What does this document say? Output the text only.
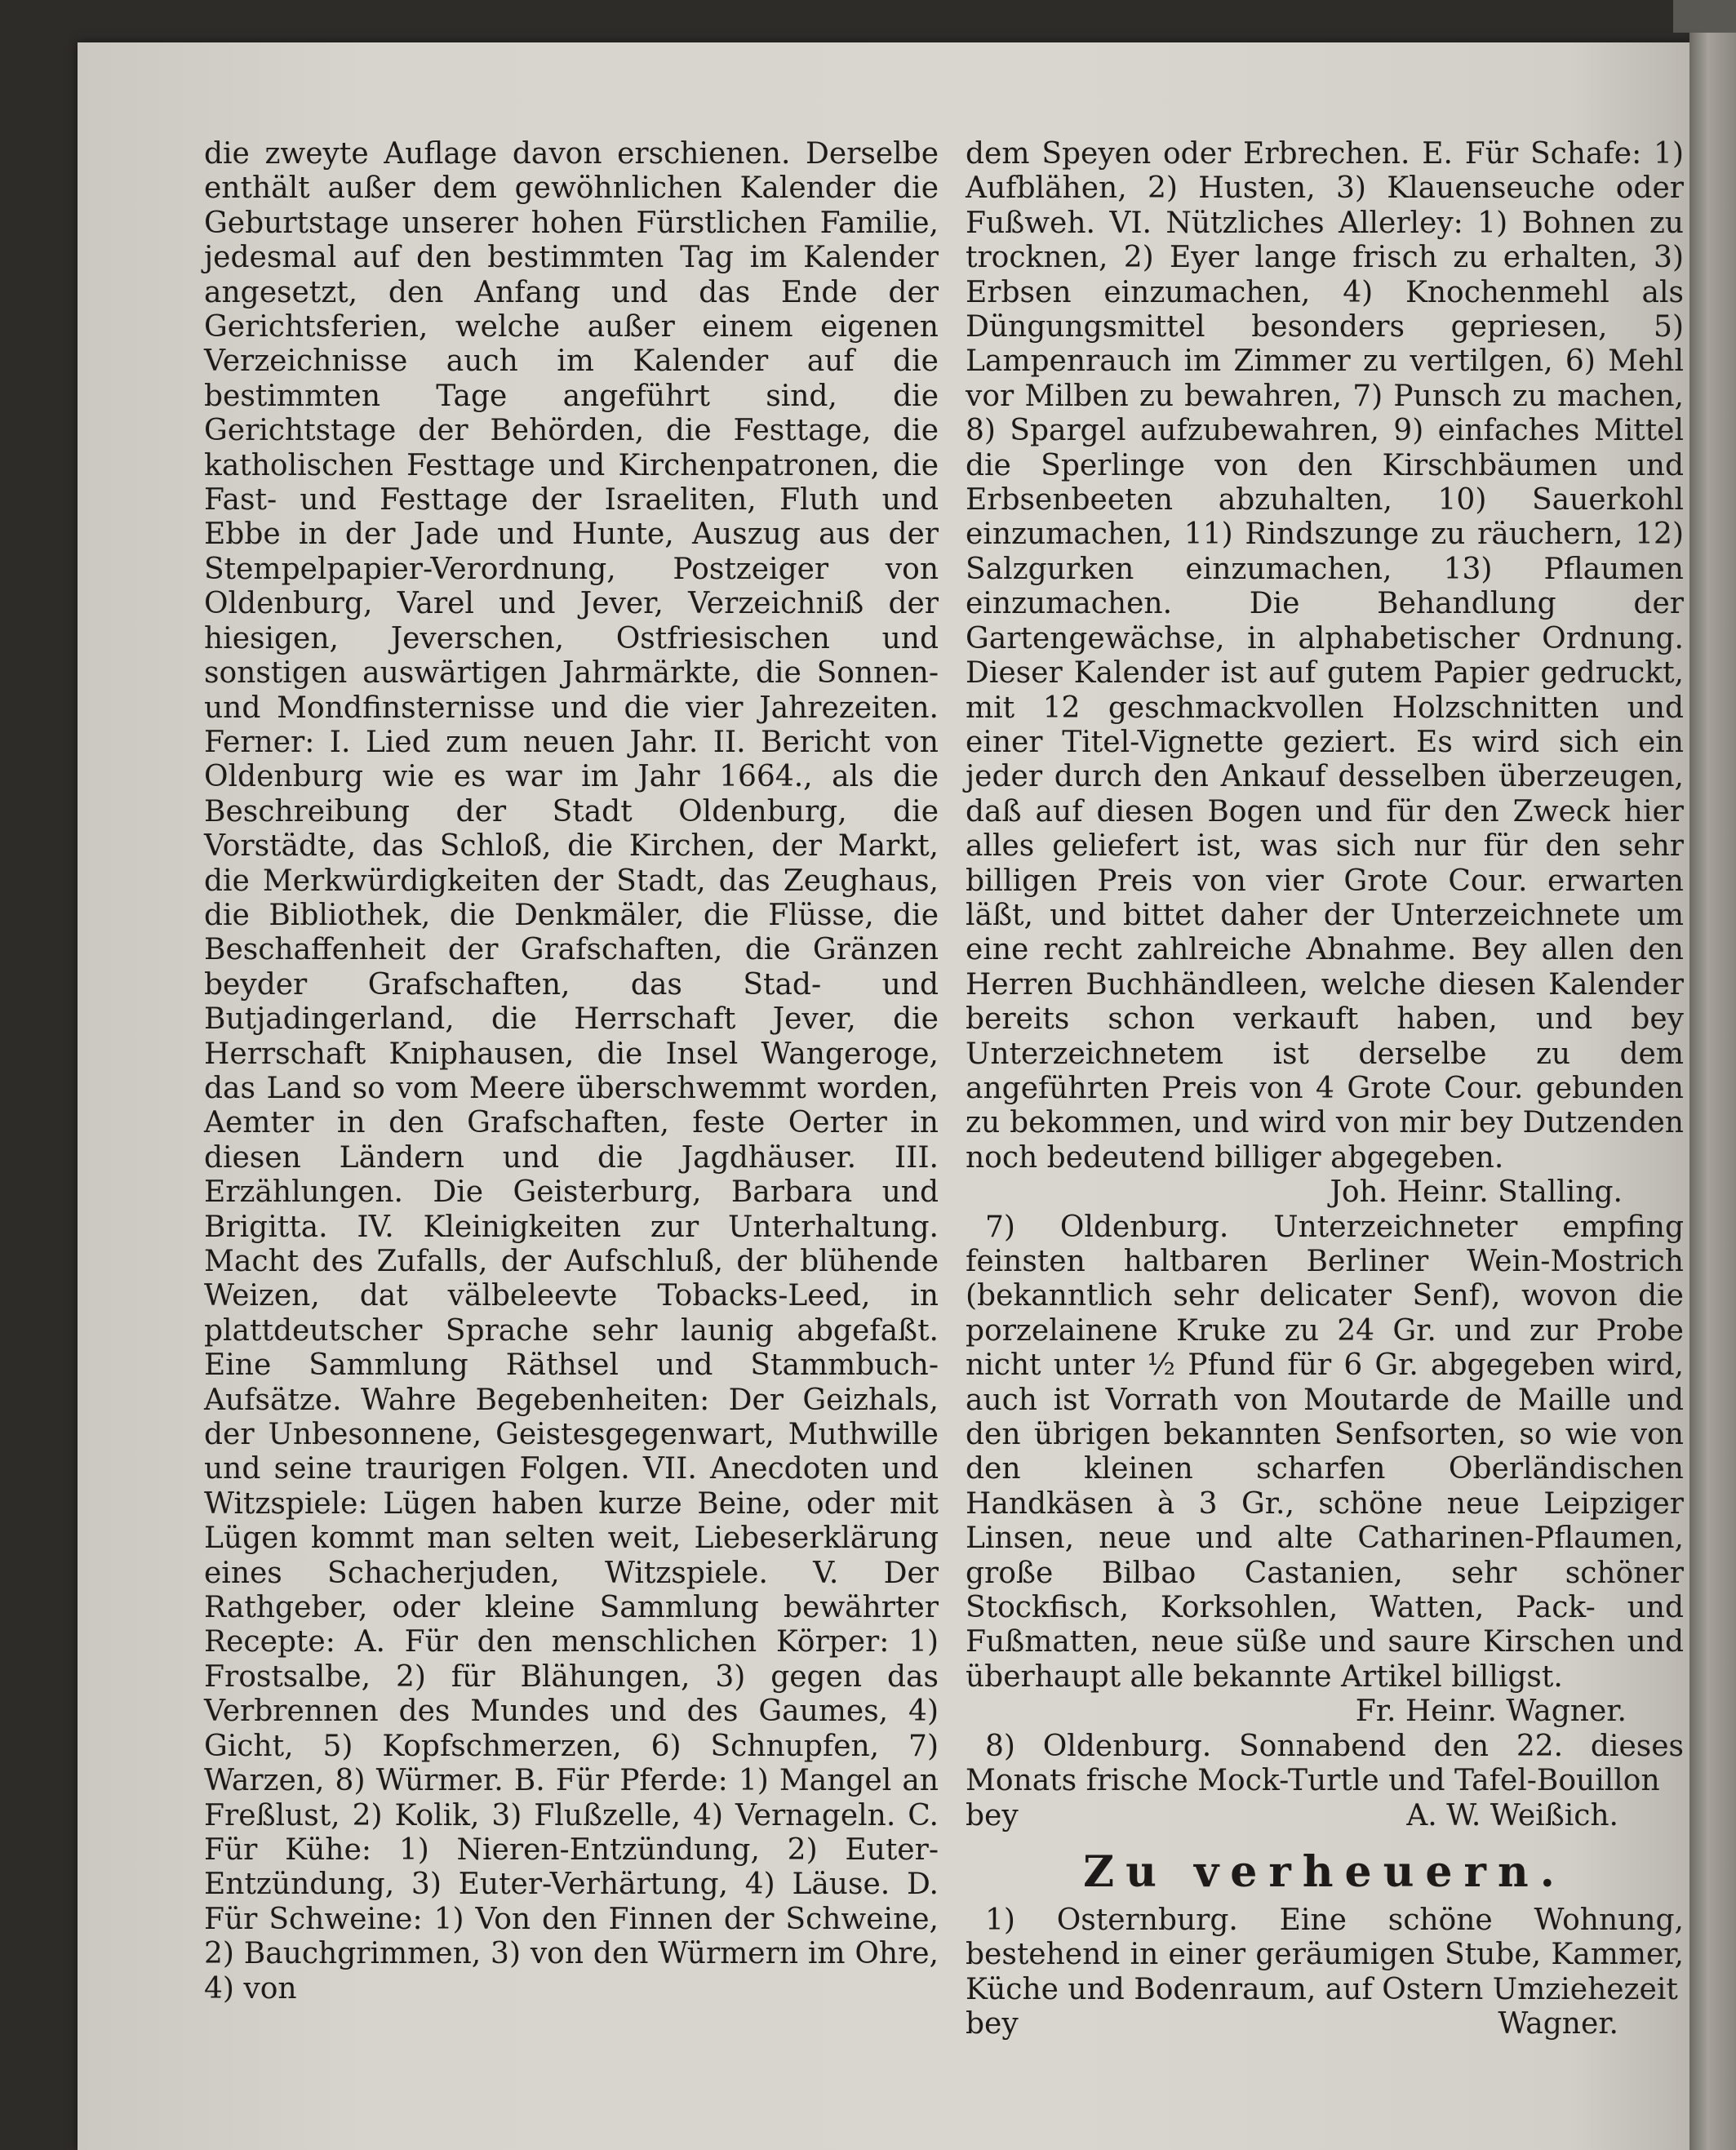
die zweyte Auflage davon erschienen. Derselbe enthält außer dem gewöhnlichen Kalender die Geburtstage unserer hohen Fürstlichen Familie, jedesmal auf den bestimmten Tag im Kalender angesetzt, den Anfang und das Ende der Gerichtsferien, welche außer einem eigenen Verzeichnisse auch im Kalender auf die bestimmten Tage angeführt sind, die Gerichtstage der Behörden, die Festtage, die katholischen Festtage und Kirchenpatronen, die Fast- und Festtage der Israeliten, Fluth und Ebbe in der Jade und Hunte, Auszug aus der Stempelpapier-Verordnung, Postzeiger von Oldenburg, Varel und Jever, Verzeichniß der hiesigen, Jeverschen, Ostfriesischen und sonstigen auswärtigen Jahrmärkte, die Sonnen- und Mondfinsternisse und die vier Jahrezeiten. Ferner: I. Lied zum neuen Jahr. II. Bericht von Oldenburg wie es war im Jahr 1664., als die Beschreibung der Stadt Oldenburg, die Vorstädte, das Schloß, die Kirchen, der Markt, die Merkwürdigkeiten der Stadt, das Zeughaus, die Bibliothek, die Denkmäler, die Flüsse, die Beschaffenheit der Grafschaften, die Gränzen beyder Grafschaften, das Stad- und Butjadingerland, die Herrschaft Jever, die Herrschaft Kniphausen, die Insel Wangeroge, das Land so vom Meere überschwemmt worden, Aemter in den Grafschaften, feste Oerter in diesen Ländern und die Jagdhäuser. III. Erzählungen. Die Geisterburg, Barbara und Brigitta. IV. Kleinigkeiten zur Unterhaltung. Macht des Zufalls, der Aufschluß, der blühende Weizen, dat välbeleevte Tobacks-Leed, in plattdeutscher Sprache sehr launig abgefaßt. Eine Sammlung Räthsel und Stammbuch-Aufsätze. Wahre Begebenheiten: Der Geizhals, der Unbesonnene, Geistesgegenwart, Muthwille und seine traurigen Folgen. VII. Anecdoten und Witzspiele: Lügen haben kurze Beine, oder mit Lügen kommt man selten weit, Liebeserklärung eines Schacherjuden, Witzspiele. V. Der Rathgeber, oder kleine Sammlung bewährter Recepte: A. Für den menschlichen Körper: 1) Frostsalbe, 2) für Blähungen, 3) gegen das Verbrennen des Mundes und des Gaumes, 4) Gicht, 5) Kopfschmerzen, 6) Schnupfen, 7) Warzen, 8) Würmer. B. Für Pferde: 1) Mangel an Freßlust, 2) Kolik, 3) Flußzelle, 4) Vernageln. C. Für Kühe: 1) Nieren-Entzündung, 2) Euter-Entzündung, 3) Euter-Verhärtung, 4) Läuse. D. Für Schweine: 1) Von den Finnen der Schweine, 2) Bauchgrimmen, 3) von den Würmern im Ohre, 4) von

dem Speyen oder Erbrechen. E. Für Schafe: 1) Aufblähen, 2) Husten, 3) Klauenseuche oder Fußweh. VI. Nützliches Allerley: 1) Bohnen zu trocknen, 2) Eyer lange frisch zu erhalten, 3) Erbsen einzumachen, 4) Knochenmehl als Düngungsmittel besonders gepriesen, 5) Lampenrauch im Zimmer zu vertilgen, 6) Mehl vor Milben zu bewahren, 7) Punsch zu machen, 8) Spargel aufzubewahren, 9) einfaches Mittel die Sperlinge von den Kirschbäumen und Erbsenbeeten abzuhalten, 10) Sauerkohl einzumachen, 11) Rindszunge zu räuchern, 12) Salzgurken einzumachen, 13) Pflaumen einzumachen. Die Behandlung der Gartengewächse, in alphabetischer Ordnung. Dieser Kalender ist auf gutem Papier gedruckt, mit 12 geschmackvollen Holzschnitten und einer Titel-Vignette geziert. Es wird sich ein jeder durch den Ankauf desselben überzeugen, daß auf diesen Bogen und für den Zweck hier alles geliefert ist, was sich nur für den sehr billigen Preis von vier Grote Cour. erwarten läßt, und bittet daher der Unterzeichnete um eine recht zahlreiche Abnahme. Bey allen den Herren Buchhändleen, welche diesen Kalender bereits schon verkauft haben, und bey Unterzeichnetem ist derselbe zu dem angeführten Preis von 4 Grote Cour. gebunden zu bekommen, und wird von mir bey Dutzenden noch bedeutend billiger abgegeben.

Joh. Heinr. Stalling.

7) Oldenburg. Unterzeichneter empfing feinsten haltbaren Berliner Wein-Mostrich (bekanntlich sehr delicater Senf), wovon die porzelainene Kruke zu 24 Gr. und zur Probe nicht unter ½ Pfund für 6 Gr. abgegeben wird, auch ist Vorrath von Moutarde de Maille und den übrigen bekannten Senfsorten, so wie von den kleinen scharfen Oberländischen Handkäsen à 3 Gr., schöne neue Leipziger Linsen, neue und alte Catharinen-Pflaumen, große Bilbao Castanien, sehr schöner Stockfisch, Korksohlen, Watten, Pack- und Fußmatten, neue süße und saure Kirschen und überhaupt alle bekannte Artikel billigst.

Fr. Heinr. Wagner.

8) Oldenburg. Sonnabend den 22. dieses Monats frische Mock-Turtle und Tafel-Bouillon

bey	A. W. Weißich.

Zu verheuern.

1) Osternburg. Eine schöne Wohnung, bestehend in einer geräumigen Stube, Kammer, Küche und Bodenraum, auf Ostern Umziehezeit

bey	Wagner.
